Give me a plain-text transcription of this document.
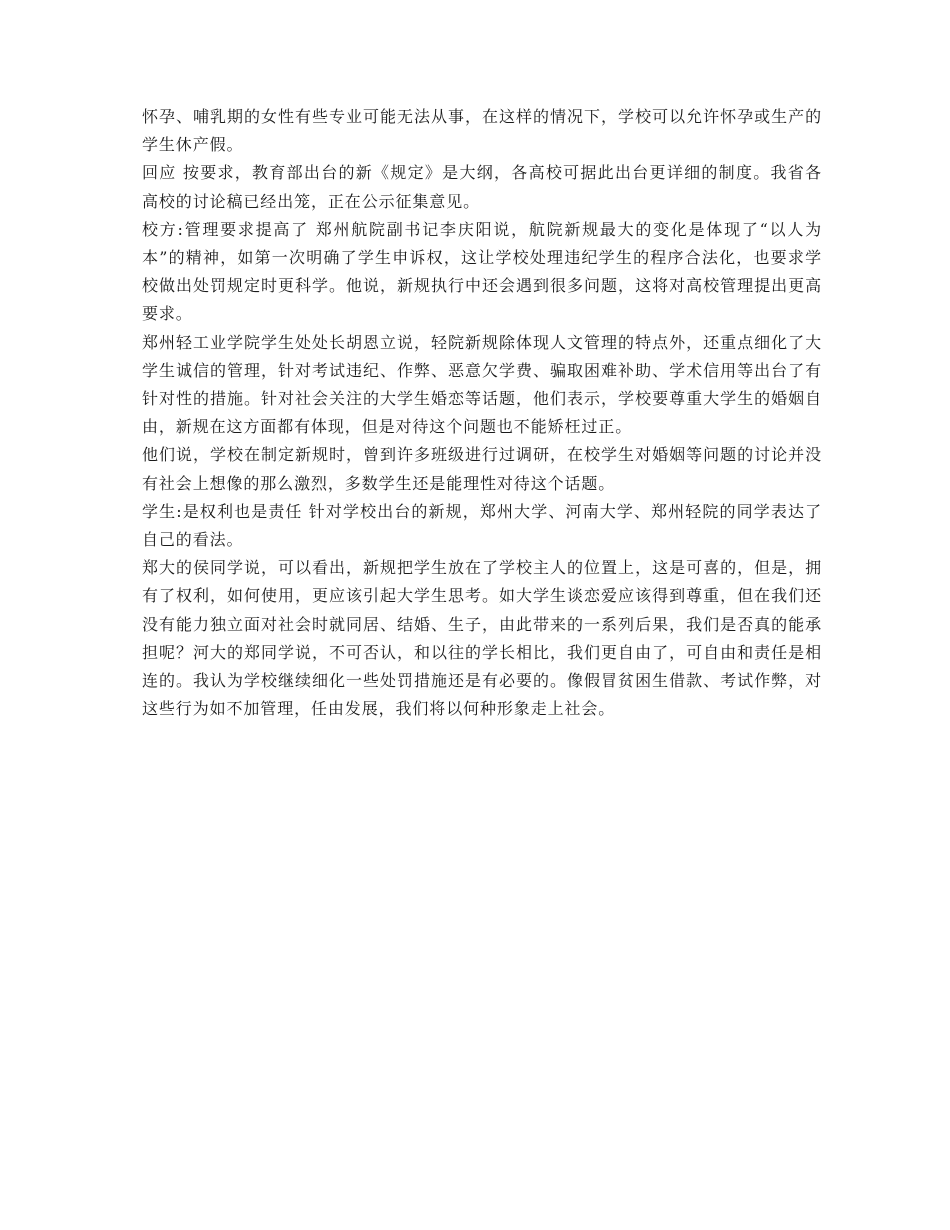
怀孕、哺乳期的女性有些专业可能无法从事，在这样的情况下，学校可以允许怀孕或生产的学生休产假。

回应 按要求，教育部出台的新《规定》是大纲，各高校可据此出台更详细的制度。我省各高校的讨论稿已经出笼，正在公示征集意见。

校方:管理要求提高了 郑州航院副书记李庆阳说，航院新规最大的变化是体现了“以人为本”的精神，如第一次明确了学生申诉权，这让学校处理违纪学生的程序合法化，也要求学校做出处罚规定时更科学。他说，新规执行中还会遇到很多问题，这将对高校管理提出更高要求。

郑州轻工业学院学生处处长胡恩立说，轻院新规除体现人文管理的特点外，还重点细化了大学生诚信的管理，针对考试违纪、作弊、恶意欠学费、骗取困难补助、学术信用等出台了有针对性的措施。针对社会关注的大学生婚恋等话题，他们表示，学校要尊重大学生的婚姻自由，新规在这方面都有体现，但是对待这个问题也不能矫枉过正。

他们说，学校在制定新规时，曾到许多班级进行过调研，在校学生对婚姻等问题的讨论并没有社会上想像的那么激烈，多数学生还是能理性对待这个话题。

学生:是权利也是责任 针对学校出台的新规，郑州大学、河南大学、郑州轻院的同学表达了自己的看法。

郑大的侯同学说，可以看出，新规把学生放在了学校主人的位置上，这是可喜的，但是，拥有了权利，如何使用，更应该引起大学生思考。如大学生谈恋爱应该得到尊重，但在我们还没有能力独立面对社会时就同居、结婚、生子，由此带来的一系列后果，我们是否真的能承担呢？河大的郑同学说，不可否认，和以往的学长相比，我们更自由了，可自由和责任是相连的。我认为学校继续细化一些处罚措施还是有必要的。像假冒贫困生借款、考试作弊，对这些行为如不加管理，任由发展，我们将以何种形象走上社会。
